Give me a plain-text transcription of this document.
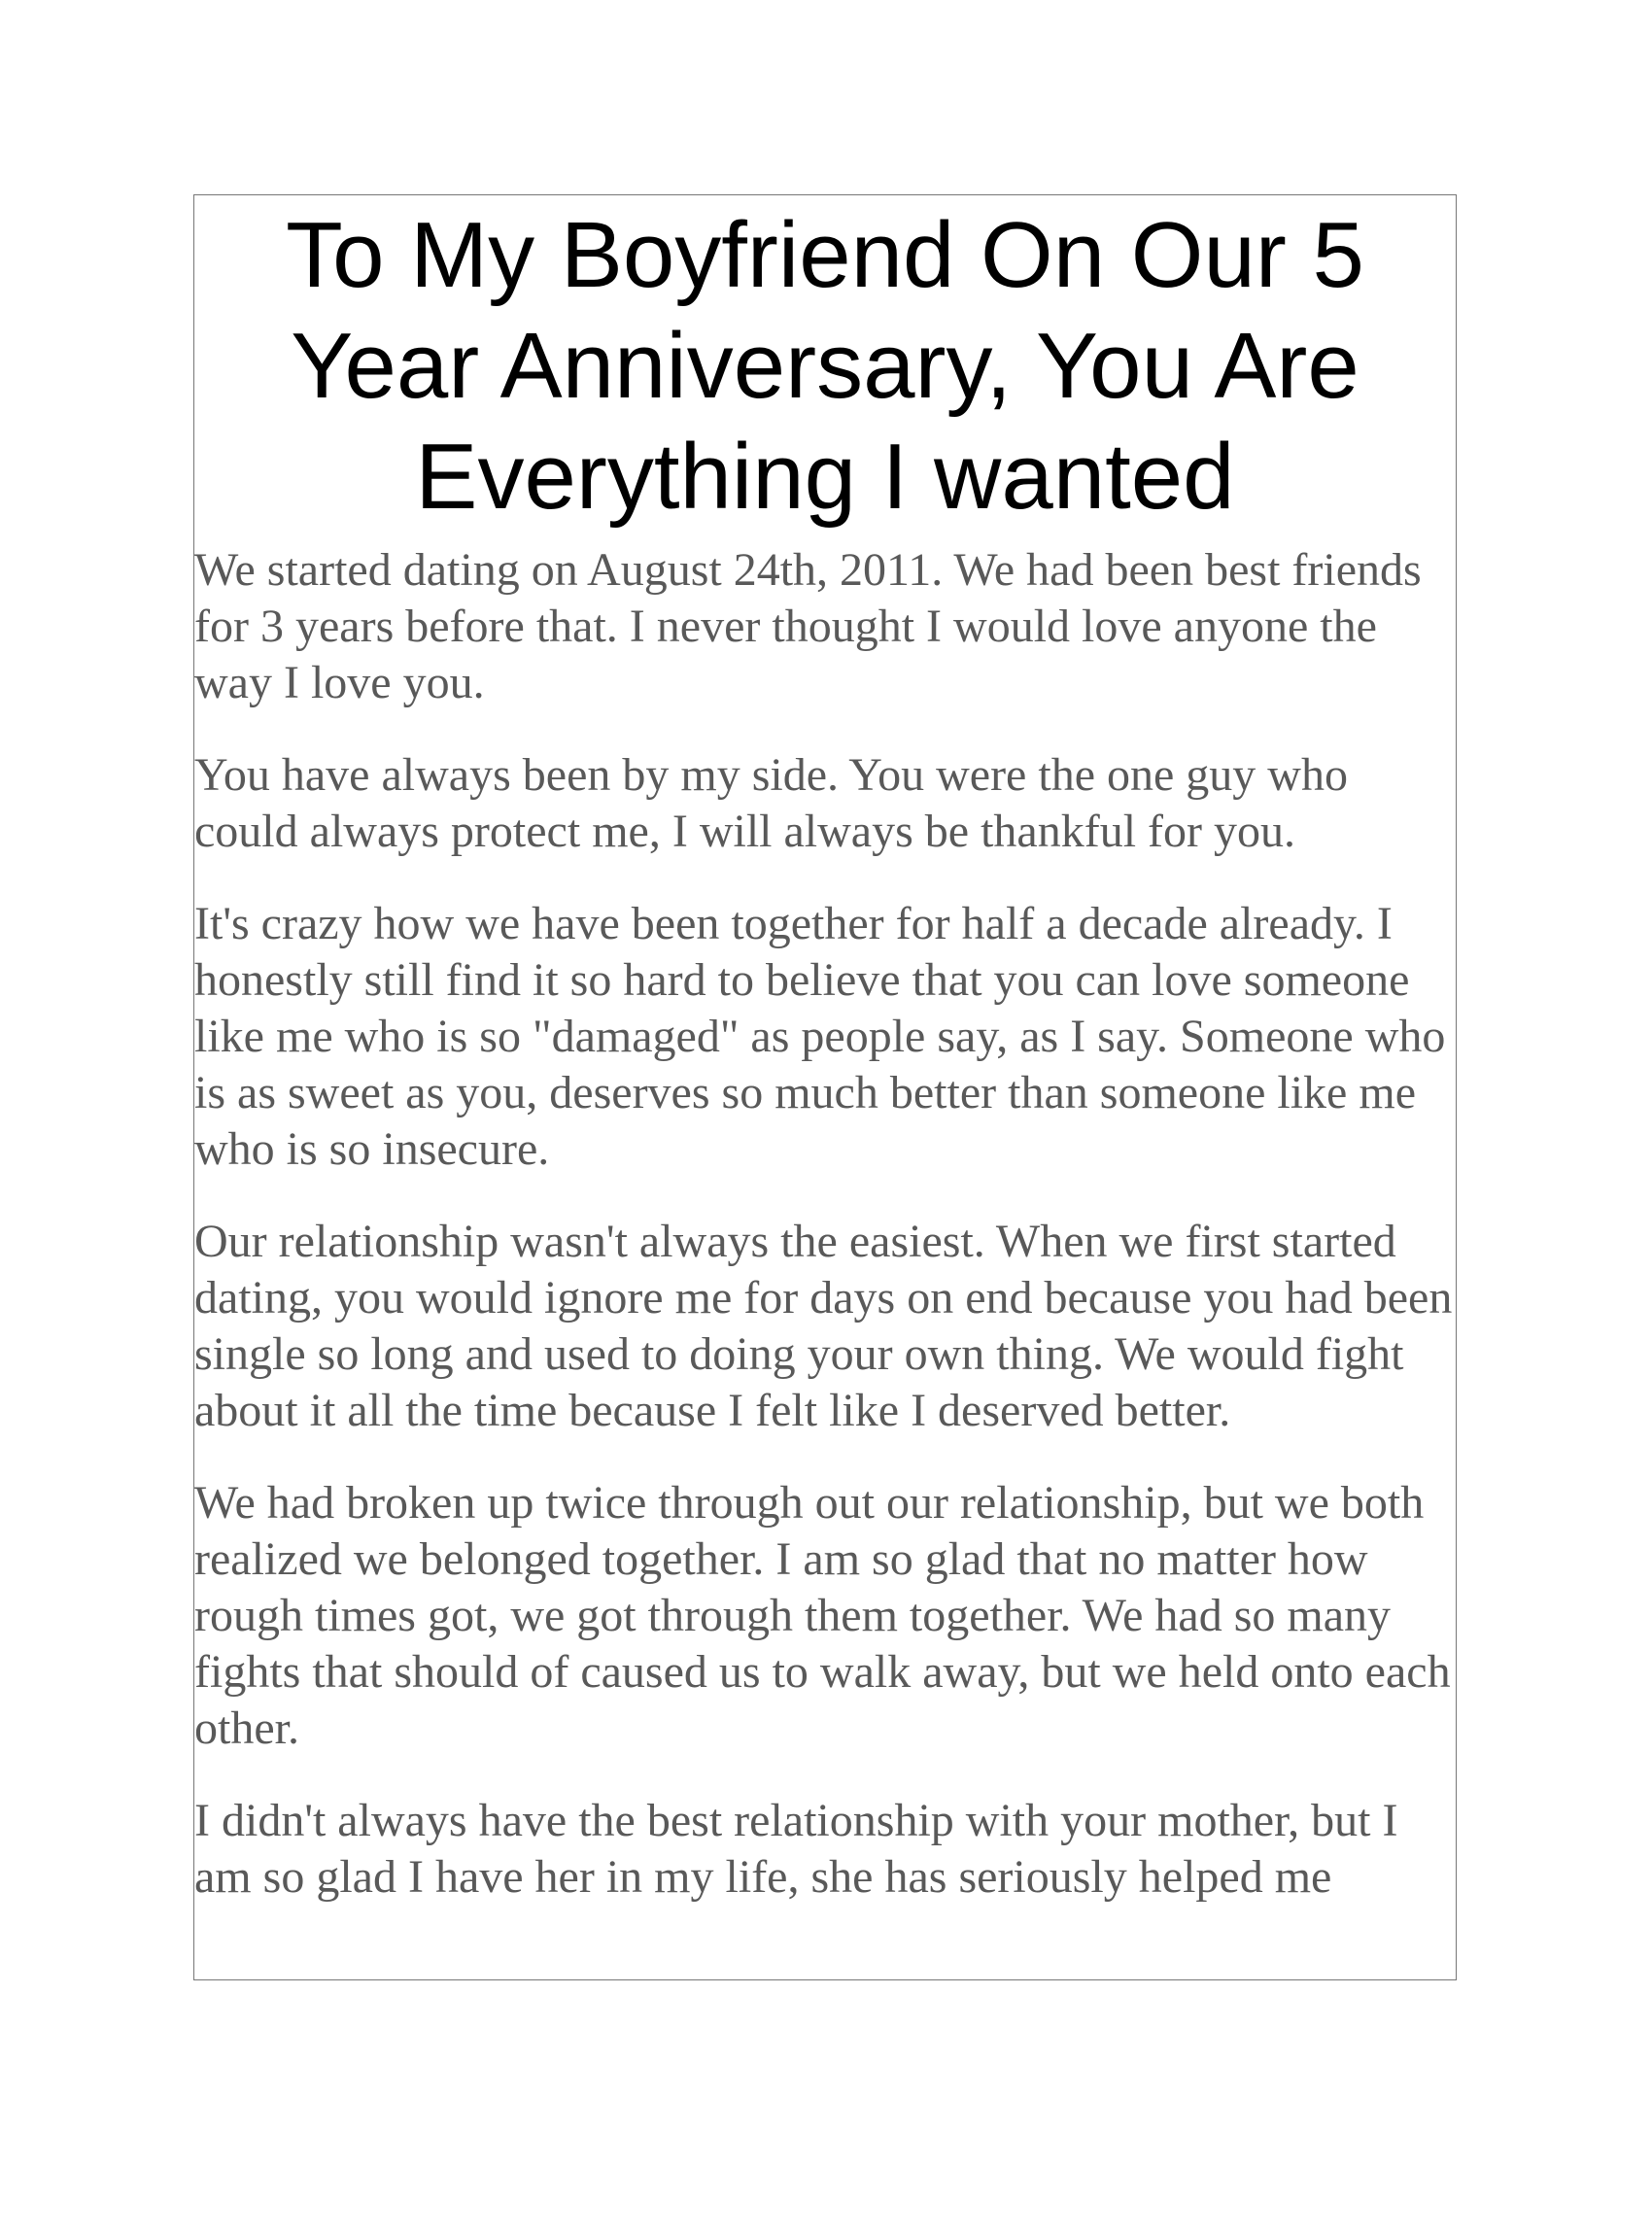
To My Boyfriend On Our 5 Year Anniversary, You Are Everything I wanted

We started dating on August 24th, 2011. We had been best friends for 3 years before that. I never thought I would love anyone the way I love you.

You have always been by my side. You were the one guy who could always protect me, I will always be thankful for you.

It's crazy how we have been together for half a decade already. I honestly still find it so hard to believe that you can love someone like me who is so "damaged" as people say, as I say. Someone who is as sweet as you, deserves so much better than someone like me who is so insecure.

Our relationship wasn't always the easiest. When we first started dating, you would ignore me for days on end because you had been single so long and used to doing your own thing. We would fight about it all the time because I felt like I deserved better.

We had broken up twice through out our relationship, but we both realized we belonged together. I am so glad that no matter how rough times got, we got through them together. We had so many fights that should of caused us to walk away, but we held onto each other.

I didn't always have the best relationship with your mother, but I am so glad I have her in my life, she has seriously helped me
